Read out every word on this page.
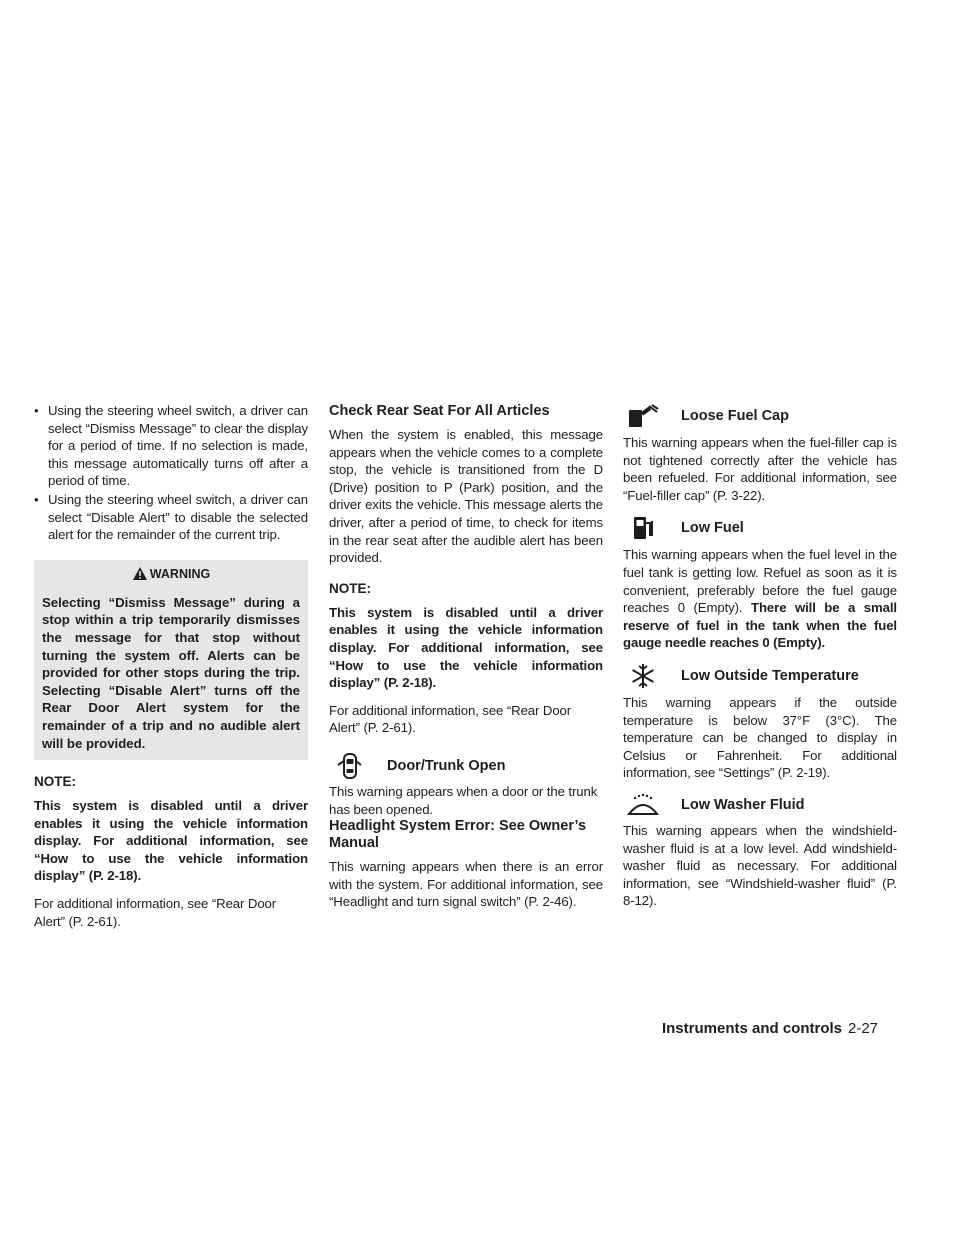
• Using the steering wheel switch, a driver can select “Dismiss Message” to clear the display for a period of time. If no selection is made, this message automatically turns off after a period of time.
• Using the steering wheel switch, a driver can select “Disable Alert” to disable the selected alert for the remainder of the current trip.
WARNING

Selecting “Dismiss Message” during a stop within a trip temporarily dismisses the message for that stop without turning the system off. Alerts can be provided for other stops during the trip. Selecting “Disable Alert” turns off the Rear Door Alert system for the remainder of a trip and no audible alert will be provided.

NOTE:

This system is disabled until a driver enables it using the vehicle information display. For additional information, see “How to use the vehicle information display” (P. 2-18).

For additional information, see “Rear Door Alert” (P. 2-61).

Check Rear Seat For All Articles

When the system is enabled, this message appears when the vehicle comes to a complete stop, the vehicle is transitioned from the D (Drive) position to P (Park) position, and the driver exits the vehicle. This message alerts the driver, after a period of time, to check for items in the rear seat after the audible alert has been provided.

NOTE:

This system is disabled until a driver enables it using the vehicle information display. For additional information, see “How to use the vehicle information display” (P. 2-18).

For additional information, see “Rear Door Alert” (P. 2-61).

Door/Trunk Open

This warning appears when a door or the trunk has been opened.

Headlight System Error: See Owner’s Manual

This warning appears when there is an error with the system. For additional information, see “Headlight and turn signal switch” (P. 2-46).

Loose Fuel Cap

This warning appears when the fuel-filler cap is not tightened correctly after the vehicle has been refueled. For additional information, see “Fuel-filler cap” (P. 3-22).

Low Fuel

This warning appears when the fuel level in the fuel tank is getting low. Refuel as soon as it is convenient, preferably before the fuel gauge reaches 0 (Empty). There will be a small reserve of fuel in the tank when the fuel gauge needle reaches 0 (Empty).

Low Outside Temperature

This warning appears if the outside temperature is below 37°F (3°C). The temperature can be changed to display in Celsius or Fahrenheit. For additional information, see “Settings” (P. 2-19).

Low Washer Fluid

This warning appears when the windshield-washer fluid is at a low level. Add windshield-washer fluid as necessary. For additional information, see “Windshield-washer fluid” (P. 8-12).

Instruments and controls 2-27
